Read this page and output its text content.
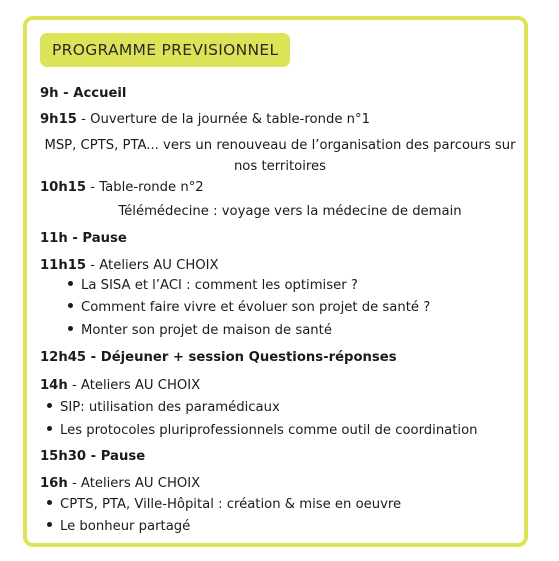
PROGRAMME PREVISIONNEL
9h - Accueil
9h15 - Ouverture de la journée & table-ronde n°1
MSP, CPTS, PTA... vers un renouveau de l’organisation des parcours sur
nos territoires
10h15 - Table-ronde n°2
Télémédecine : voyage vers la médecine de demain
11h - Pause
11h15 - Ateliers AU CHOIX
La SISA et l’ACI : comment les optimiser ?
Comment faire vivre et évoluer son projet de santé ?
Monter son projet de maison de santé
12h45 - Déjeuner + session Questions-réponses
14h - Ateliers AU CHOIX
SIP: utilisation des paramédicaux
Les protocoles pluriprofessionnels comme outil de coordination
15h30 - Pause
16h - Ateliers AU CHOIX
CPTS, PTA, Ville-Hôpital : création & mise en oeuvre
Le bonheur partagé
